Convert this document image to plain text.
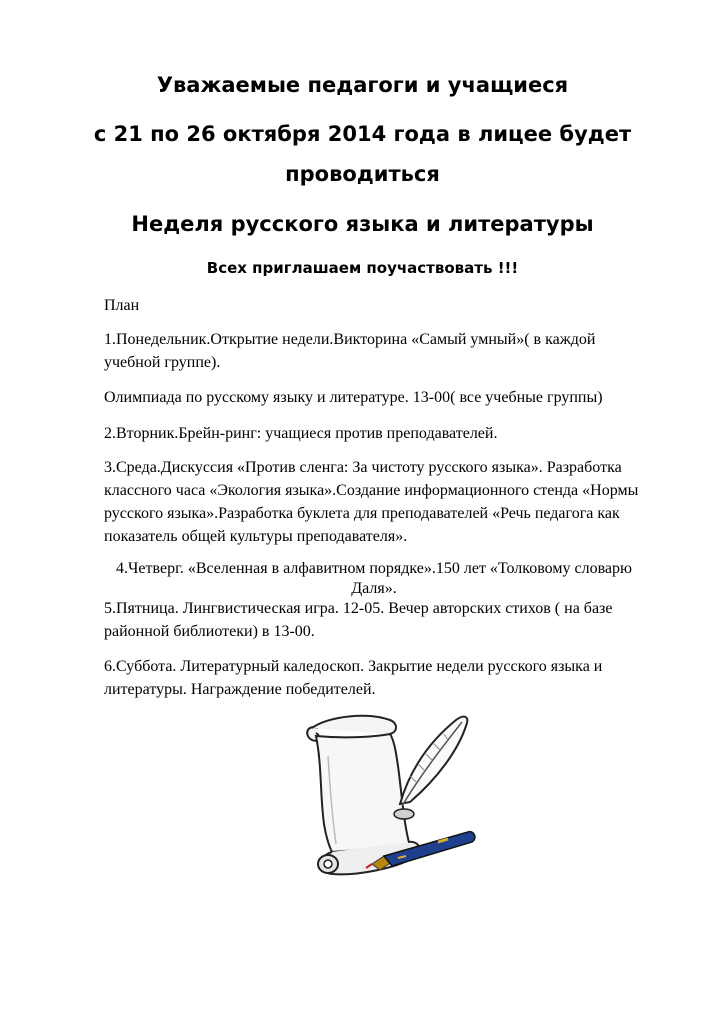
Уважаемые педагоги и учащиеся
с 21 по 26 октября 2014 года в лицее будет
проводиться
Неделя русского языка и литературы
Всех приглашаем поучаствовать !!!

План

1.Понедельник.Открытие недели.Викторина «Самый умный»( в каждой учебной группе).

Олимпиада по русскому языку и литературе. 13-00( все учебные группы)

2.Вторник.Брейн-ринг: учащиеся против преподавателей.

3.Среда.Дискуссия «Против сленга: За чистоту русского языка». Разработка классного часа «Экология языка».Создание информационного стенда «Нормы русского языка».Разработка буклета для преподавателей «Речь педагога как показатель общей культуры преподавателя».

4.Четверг. «Вселенная в алфавитном порядке».150 лет «Толковому словарю Даля».

5.Пятница. Лингвистическая игра. 12-05. Вечер авторских стихов ( на базе районной библиотеки) в 13-00.

6.Суббота. Литературный каледоскоп. Закрытие недели русского языка и литературы. Награждение победителей.
